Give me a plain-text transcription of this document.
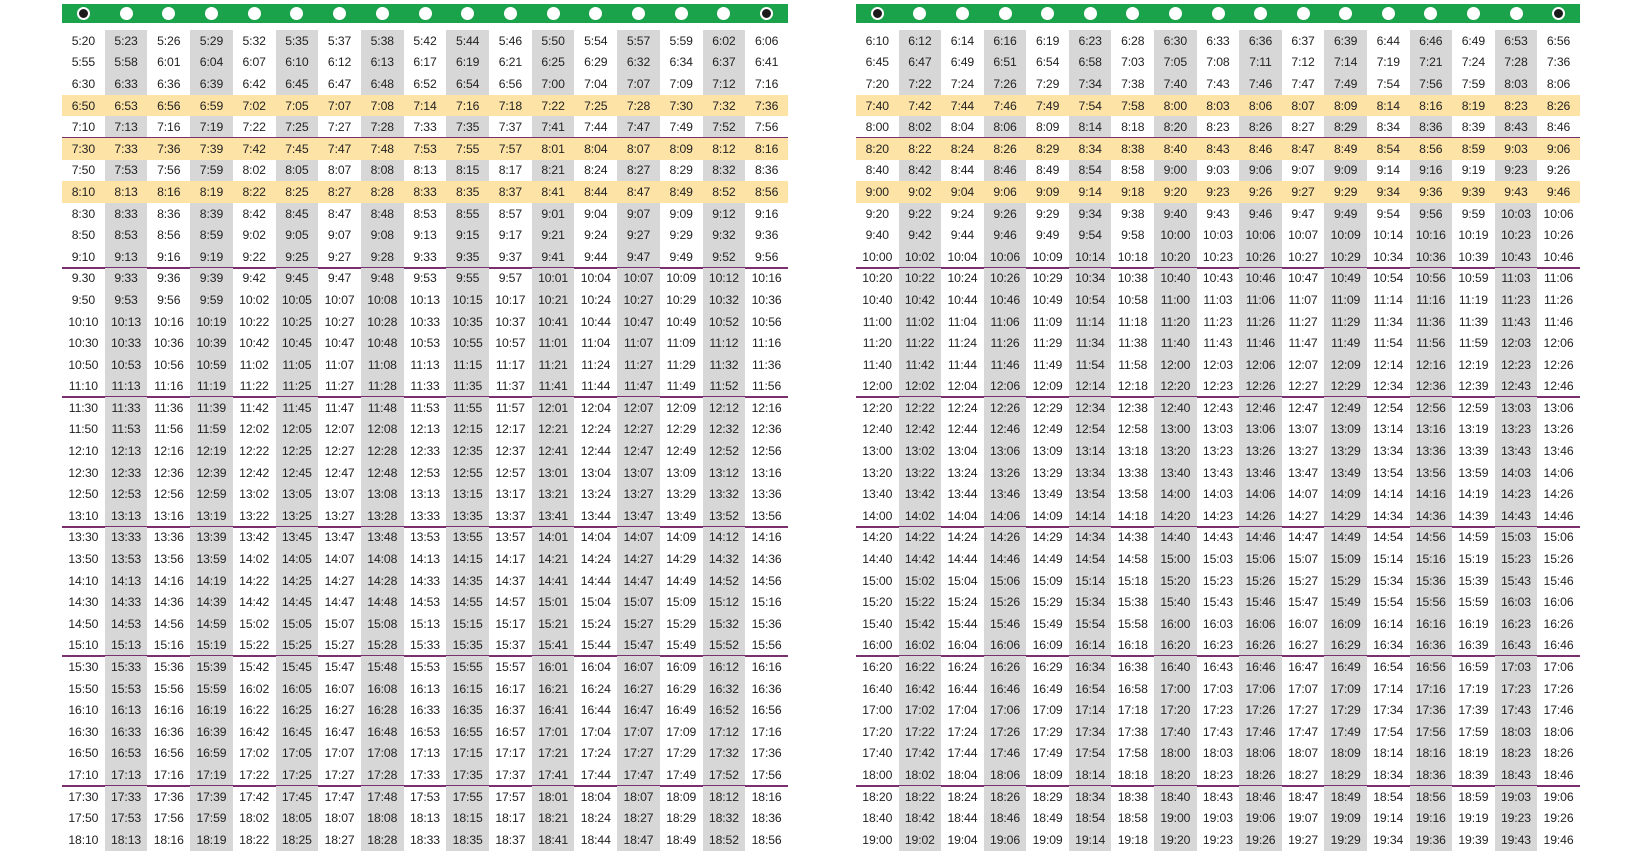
5:20	5:23	5:26	5:29	5:32	5:35	5:37	5:38	5:42	5:44	5:46	5:50	5:54	5:57	5:59	6:02	6:06
5:55	5:58	6:01	6:04	6:07	6:10	6:12	6:13	6:17	6:19	6:21	6:25	6:29	6:32	6:34	6:37	6:41
6:30	6:33	6:36	6:39	6:42	6:45	6:47	6:48	6:52	6:54	6:56	7:00	7:04	7:07	7:09	7:12	7:16
6:50	6:53	6:56	6:59	7:02	7:05	7:07	7:08	7:14	7:16	7:18	7:22	7:25	7:28	7:30	7:32	7:36
7:10	7:13	7:16	7:19	7:22	7:25	7:27	7:28	7:33	7:35	7:37	7:41	7:44	7:47	7:49	7:52	7:56
7:30	7:33	7:36	7:39	7:42	7:45	7:47	7:48	7:53	7:55	7:57	8:01	8:04	8:07	8:09	8:12	8:16
7:50	7:53	7:56	7:59	8:02	8:05	8:07	8:08	8:13	8:15	8:17	8:21	8:24	8:27	8:29	8:32	8:36
8:10	8:13	8:16	8:19	8:22	8:25	8:27	8:28	8:33	8:35	8:37	8:41	8:44	8:47	8:49	8:52	8:56
8:30	8:33	8:36	8:39	8:42	8:45	8:47	8:48	8:53	8:55	8:57	9:01	9:04	9:07	9:09	9:12	9:16
8:50	8:53	8:56	8:59	9:02	9:05	9:07	9:08	9:13	9:15	9:17	9:21	9:24	9:27	9:29	9:32	9:36
9:10	9:13	9:16	9:19	9:22	9:25	9:27	9:28	9:33	9:35	9:37	9:41	9:44	9:47	9:49	9:52	9:56
9.30	9:33	9:36	9:39	9:42	9:45	9:47	9:48	9:53	9:55	9:57	10:01	10:04	10:07	10:09	10:12	10:16
9:50	9:53	9:56	9:59	10:02	10:05	10:07	10:08	10:13	10:15	10:17	10:21	10:24	10:27	10:29	10:32	10:36
10:10	10:13	10:16	10:19	10:22	10:25	10:27	10:28	10:33	10:35	10:37	10:41	10:44	10:47	10:49	10:52	10:56
10:30	10:33	10:36	10:39	10:42	10:45	10:47	10:48	10:53	10:55	10:57	11:01	11:04	11:07	11:09	11:12	11:16
10:50	10:53	10:56	10:59	11:02	11:05	11:07	11:08	11:13	11:15	11:17	11:21	11:24	11:27	11:29	11:32	11:36
11:10	11:13	11:16	11:19	11:22	11:25	11:27	11:28	11:33	11:35	11:37	11:41	11:44	11:47	11:49	11:52	11:56
11:30	11:33	11:36	11:39	11:42	11:45	11:47	11:48	11:53	11:55	11:57	12:01	12:04	12:07	12:09	12:12	12:16
11:50	11:53	11:56	11:59	12:02	12:05	12:07	12:08	12:13	12:15	12:17	12:21	12:24	12:27	12:29	12:32	12:36
12:10	12:13	12:16	12:19	12:22	12:25	12:27	12:28	12:33	12:35	12:37	12:41	12:44	12:47	12:49	12:52	12:56
12:30	12:33	12:36	12:39	12:42	12:45	12:47	12:48	12:53	12:55	12:57	13:01	13:04	13:07	13:09	13:12	13:16
12:50	12:53	12:56	12:59	13:02	13:05	13:07	13:08	13:13	13:15	13:17	13:21	13:24	13:27	13:29	13:32	13:36
13:10	13:13	13:16	13:19	13:22	13:25	13:27	13:28	13:33	13:35	13:37	13:41	13:44	13:47	13:49	13:52	13:56
13:30	13:33	13:36	13:39	13:42	13:45	13:47	13:48	13:53	13:55	13:57	14:01	14:04	14:07	14:09	14:12	14:16
13:50	13:53	13:56	13:59	14:02	14:05	14:07	14:08	14:13	14:15	14:17	14:21	14:24	14:27	14:29	14:32	14:36
14:10	14:13	14:16	14:19	14:22	14:25	14:27	14:28	14:33	14:35	14:37	14:41	14:44	14:47	14:49	14:52	14:56
14:30	14:33	14:36	14:39	14:42	14:45	14:47	14:48	14:53	14:55	14:57	15:01	15:04	15:07	15:09	15:12	15:16
14:50	14:53	14:56	14:59	15:02	15:05	15:07	15:08	15:13	15:15	15:17	15:21	15:24	15:27	15:29	15:32	15:36
15:10	15:13	15:16	15:19	15:22	15:25	15:27	15:28	15:33	15:35	15:37	15:41	15:44	15:47	15:49	15:52	15:56
15:30	15:33	15:36	15:39	15:42	15:45	15:47	15:48	15:53	15:55	15:57	16:01	16:04	16:07	16:09	16:12	16:16
15:50	15:53	15:56	15:59	16:02	16:05	16:07	16:08	16:13	16:15	16:17	16:21	16:24	16:27	16:29	16:32	16:36
16:10	16:13	16:16	16:19	16:22	16:25	16:27	16:28	16:33	16:35	16:37	16:41	16:44	16:47	16:49	16:52	16:56
16:30	16:33	16:36	16:39	16:42	16:45	16:47	16:48	16:53	16:55	16:57	17:01	17:04	17:07	17:09	17:12	17:16
16:50	16:53	16:56	16:59	17:02	17:05	17:07	17:08	17:13	17:15	17:17	17:21	17:24	17:27	17:29	17:32	17:36
17:10	17:13	17:16	17:19	17:22	17:25	17:27	17:28	17:33	17:35	17:37	17:41	17:44	17:47	17:49	17:52	17:56
17:30	17:33	17:36	17:39	17:42	17:45	17:47	17:48	17:53	17:55	17:57	18:01	18:04	18:07	18:09	18:12	18:16
17:50	17:53	17:56	17:59	18:02	18:05	18:07	18:08	18:13	18:15	18:17	18:21	18:24	18:27	18:29	18:32	18:36
18:10	18:13	18:16	18:19	18:22	18:25	18:27	18:28	18:33	18:35	18:37	18:41	18:44	18:47	18:49	18:52	18:56
6:10	6:12	6:14	6:16	6:19	6:23	6:28	6:30	6:33	6:36	6:37	6:39	6:44	6:46	6:49	6:53	6:56
6:45	6:47	6:49	6:51	6:54	6:58	7:03	7:05	7:08	7:11	7:12	7:14	7:19	7:21	7:24	7:28	7:36
7:20	7:22	7:24	7:26	7:29	7:34	7:38	7:40	7:43	7:46	7:47	7:49	7:54	7:56	7:59	8:03	8:06
7:40	7:42	7:44	7:46	7:49	7:54	7:58	8:00	8:03	8:06	8:07	8:09	8:14	8:16	8:19	8:23	8:26
8:00	8:02	8:04	8:06	8:09	8:14	8:18	8:20	8:23	8:26	8:27	8:29	8:34	8:36	8:39	8:43	8:46
8:20	8:22	8:24	8:26	8:29	8:34	8:38	8:40	8:43	8:46	8:47	8:49	8:54	8:56	8:59	9:03	9:06
8:40	8:42	8:44	8:46	8:49	8:54	8:58	9:00	9:03	9:06	9:07	9:09	9:14	9:16	9:19	9:23	9:26
9:00	9:02	9:04	9:06	9:09	9:14	9:18	9:20	9:23	9:26	9:27	9:29	9:34	9:36	9:39	9:43	9:46
9:20	9:22	9:24	9:26	9:29	9:34	9:38	9:40	9:43	9:46	9:47	9:49	9:54	9:56	9:59	10:03	10:06
9:40	9:42	9:44	9:46	9:49	9:54	9:58	10:00	10:03	10:06	10:07	10:09	10:14	10:16	10:19	10:23	10:26
10:00	10:02	10:04	10:06	10:09	10:14	10:18	10:20	10:23	10:26	10:27	10:29	10:34	10:36	10:39	10:43	10:46
10:20	10:22	10:24	10:26	10:29	10:34	10:38	10:40	10:43	10:46	10:47	10:49	10:54	10:56	10:59	11:03	11:06
10:40	10:42	10:44	10:46	10:49	10:54	10:58	11:00	11:03	11:06	11:07	11:09	11:14	11:16	11:19	11:23	11:26
11:00	11:02	11:04	11:06	11:09	11:14	11:18	11:20	11:23	11:26	11:27	11:29	11:34	11:36	11:39	11:43	11:46
11:20	11:22	11:24	11:26	11:29	11:34	11:38	11:40	11:43	11:46	11:47	11:49	11:54	11:56	11:59	12:03	12:06
11:40	11:42	11:44	11:46	11:49	11:54	11:58	12:00	12:03	12:06	12:07	12:09	12:14	12:16	12:19	12:23	12:26
12:00	12:02	12:04	12:06	12:09	12:14	12:18	12:20	12:23	12:26	12:27	12:29	12:34	12:36	12:39	12:43	12:46
12:20	12:22	12:24	12:26	12:29	12:34	12:38	12:40	12:43	12:46	12:47	12:49	12:54	12:56	12:59	13:03	13:06
12:40	12:42	12:44	12:46	12:49	12:54	12:58	13:00	13:03	13:06	13:07	13:09	13:14	13:16	13:19	13:23	13:26
13:00	13:02	13:04	13:06	13:09	13:14	13:18	13:20	13:23	13:26	13:27	13:29	13:34	13:36	13:39	13:43	13:46
13:20	13:22	13:24	13:26	13:29	13:34	13:38	13:40	13:43	13:46	13:47	13:49	13:54	13:56	13:59	14:03	14:06
13:40	13:42	13:44	13:46	13:49	13:54	13:58	14:00	14:03	14:06	14:07	14:09	14:14	14:16	14:19	14:23	14:26
14:00	14:02	14:04	14:06	14:09	14:14	14:18	14:20	14:23	14:26	14:27	14:29	14:34	14:36	14:39	14:43	14:46
14:20	14:22	14:24	14:26	14:29	14:34	14:38	14:40	14:43	14:46	14:47	14:49	14:54	14:56	14:59	15:03	15:06
14:40	14:42	14:44	14:46	14:49	14:54	14:58	15:00	15:03	15:06	15:07	15:09	15:14	15:16	15:19	15:23	15:26
15:00	15:02	15:04	15:06	15:09	15:14	15:18	15:20	15:23	15:26	15:27	15:29	15:34	15:36	15:39	15:43	15:46
15:20	15:22	15:24	15:26	15:29	15:34	15:38	15:40	15:43	15:46	15:47	15:49	15:54	15:56	15:59	16:03	16:06
15:40	15:42	15:44	15:46	15:49	15:54	15:58	16:00	16:03	16:06	16:07	16:09	16:14	16:16	16:19	16:23	16:26
16:00	16:02	16:04	16:06	16:09	16:14	16:18	16:20	16:23	16:26	16:27	16:29	16:34	16:36	16:39	16:43	16:46
16:20	16:22	16:24	16:26	16:29	16:34	16:38	16:40	16:43	16:46	16:47	16:49	16:54	16:56	16:59	17:03	17:06
16:40	16:42	16:44	16:46	16:49	16:54	16:58	17:00	17:03	17:06	17:07	17:09	17:14	17:16	17:19	17:23	17:26
17:00	17:02	17:04	17:06	17:09	17:14	17:18	17:20	17:23	17:26	17:27	17:29	17:34	17:36	17:39	17:43	17:46
17:20	17:22	17:24	17:26	17:29	17:34	17:38	17:40	17:43	17:46	17:47	17:49	17:54	17:56	17:59	18:03	18:06
17:40	17:42	17:44	17:46	17:49	17:54	17:58	18:00	18:03	18:06	18:07	18:09	18:14	18:16	18:19	18:23	18:26
18:00	18:02	18:04	18:06	18:09	18:14	18:18	18:20	18:23	18:26	18:27	18:29	18:34	18:36	18:39	18:43	18:46
18:20	18:22	18:24	18:26	18:29	18:34	18:38	18:40	18:43	18:46	18:47	18:49	18:54	18:56	18:59	19:03	19:06
18:40	18:42	18:44	18:46	18:49	18:54	18:58	19:00	19:03	19:06	19:07	19:09	19:14	19:16	19:19	19:23	19:26
19:00	19:02	19:04	19:06	19:09	19:14	19:18	19:20	19:23	19:26	19:27	19:29	19:34	19:36	19:39	19:43	19:46
